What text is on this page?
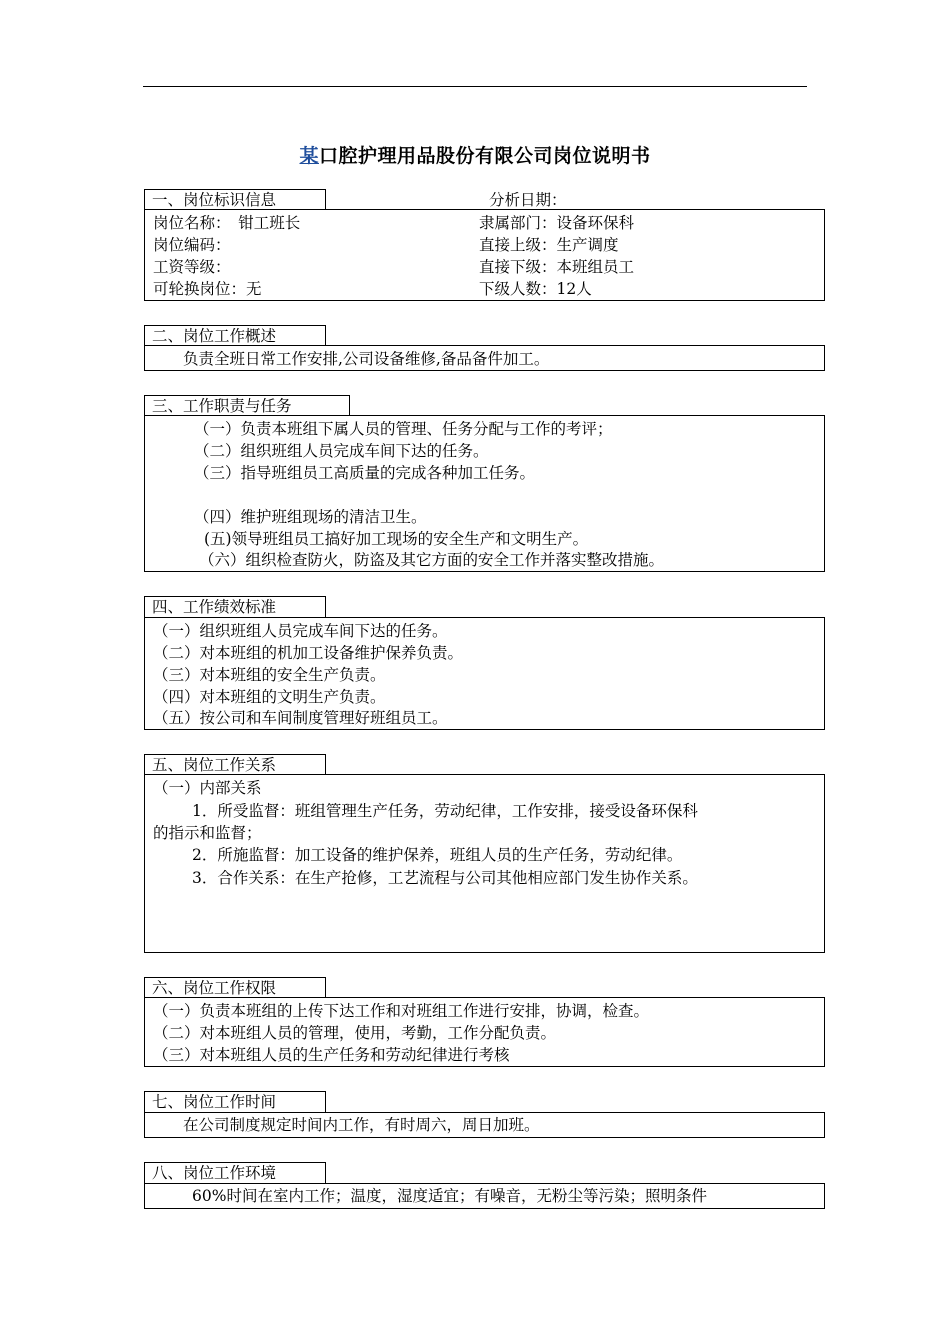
某口腔护理用品股份有限公司岗位说明书
一、岗位标识信息	分析日期：
岗位名称：　钳工班长
岗位编码：
工资等级：
可轮换岗位：无
隶属部门：设备环保科
直接上级：生产调度
直接下级：本班组员工
下级人数：12人
二、岗位工作概述
负责全班日常工作安排,公司设备维修,备品备件加工。
三、工作职责与任务
（一）负责本班组下属人员的管理、任务分配与工作的考评；
（二）组织班组人员完成车间下达的任务。
（三）指导班组员工高质量的完成各种加工任务。
（四）维护班组现场的清洁卫生。
(五)领导班组员工搞好加工现场的安全生产和文明生产。
（六）组织检查防火，防盗及其它方面的安全工作并落实整改措施。
四、工作绩效标准
（一）组织班组人员完成车间下达的任务。
（二）对本班组的机加工设备维护保养负责。
（三）对本班组的安全生产负责。
（四）对本班组的文明生产负责。
（五）按公司和车间制度管理好班组员工。
五、岗位工作关系
（一）内部关系
1．所受监督：班组管理生产任务，劳动纪律，工作安排，接受设备环保科
的指示和监督；
2．所施监督：加工设备的维护保养，班组人员的生产任务，劳动纪律。
3．合作关系：在生产抢修，工艺流程与公司其他相应部门发生协作关系。
六、岗位工作权限
（一）负责本班组的上传下达工作和对班组工作进行安排，协调，检查。
（二）对本班组人员的管理，使用，考勤，工作分配负责。
（三）对本班组人员的生产任务和劳动纪律进行考核
七、岗位工作时间
在公司制度规定时间内工作，有时周六，周日加班。
八、岗位工作环境
60%时间在室内工作；温度，湿度适宜；有噪音，无粉尘等污染；照明条件
